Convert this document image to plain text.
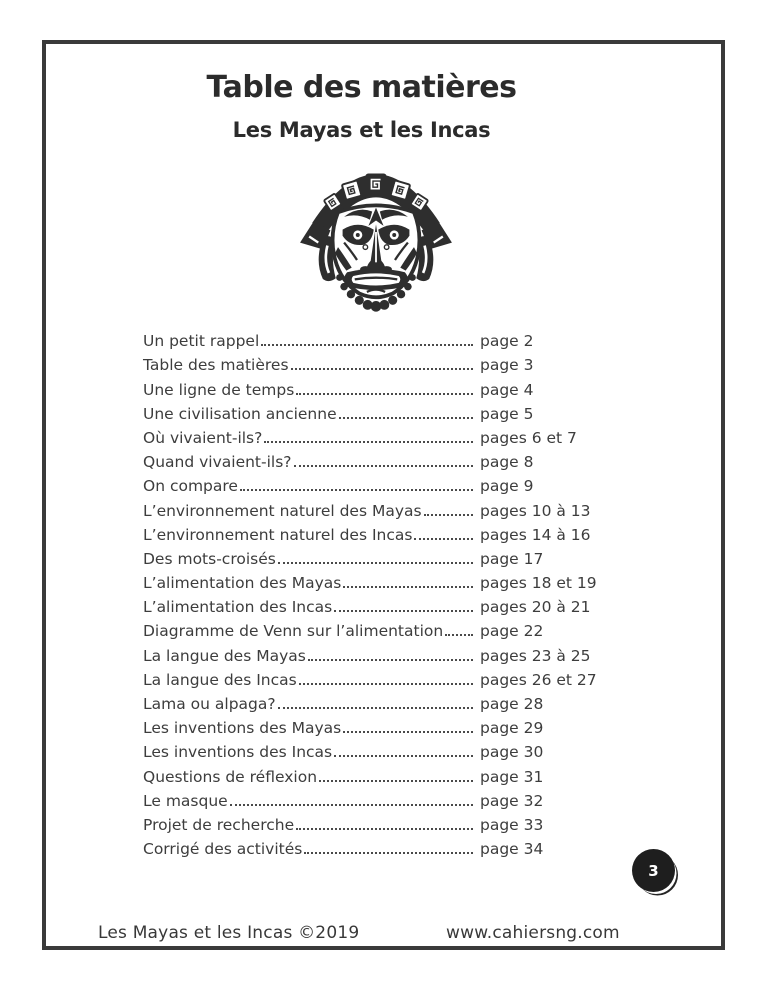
Table des matières
Les Mayas et les Incas
Un petit rappel	page 2
Table des matières	page 3
Une ligne de temps	page 4
Une civilisation ancienne	page 5
Où vivaient-ils?	pages 6 et 7
Quand vivaient-ils?	page 8
On compare	page 9
L’environnement naturel des Mayas	pages 10 à 13
L’environnement naturel des Incas	pages 14 à 16
Des mots-croisés	page 17
L’alimentation des Mayas	pages 18 et 19
L’alimentation des Incas	pages 20 à 21
Diagramme de Venn sur l’alimentation page 22
La langue des Mayas	pages 23 à 25
La langue des Incas	pages 26 et 27
Lama ou alpaga?	page 28
Les inventions des Mayas	page 29
Les inventions des Incas	page 30
Questions de réflexion	page 31
Le masque	page 32
Projet de recherche	page 33
Corrigé des activités	page 34
Les Mayas et les Incas ©2019	www.cahiersng.com
3
